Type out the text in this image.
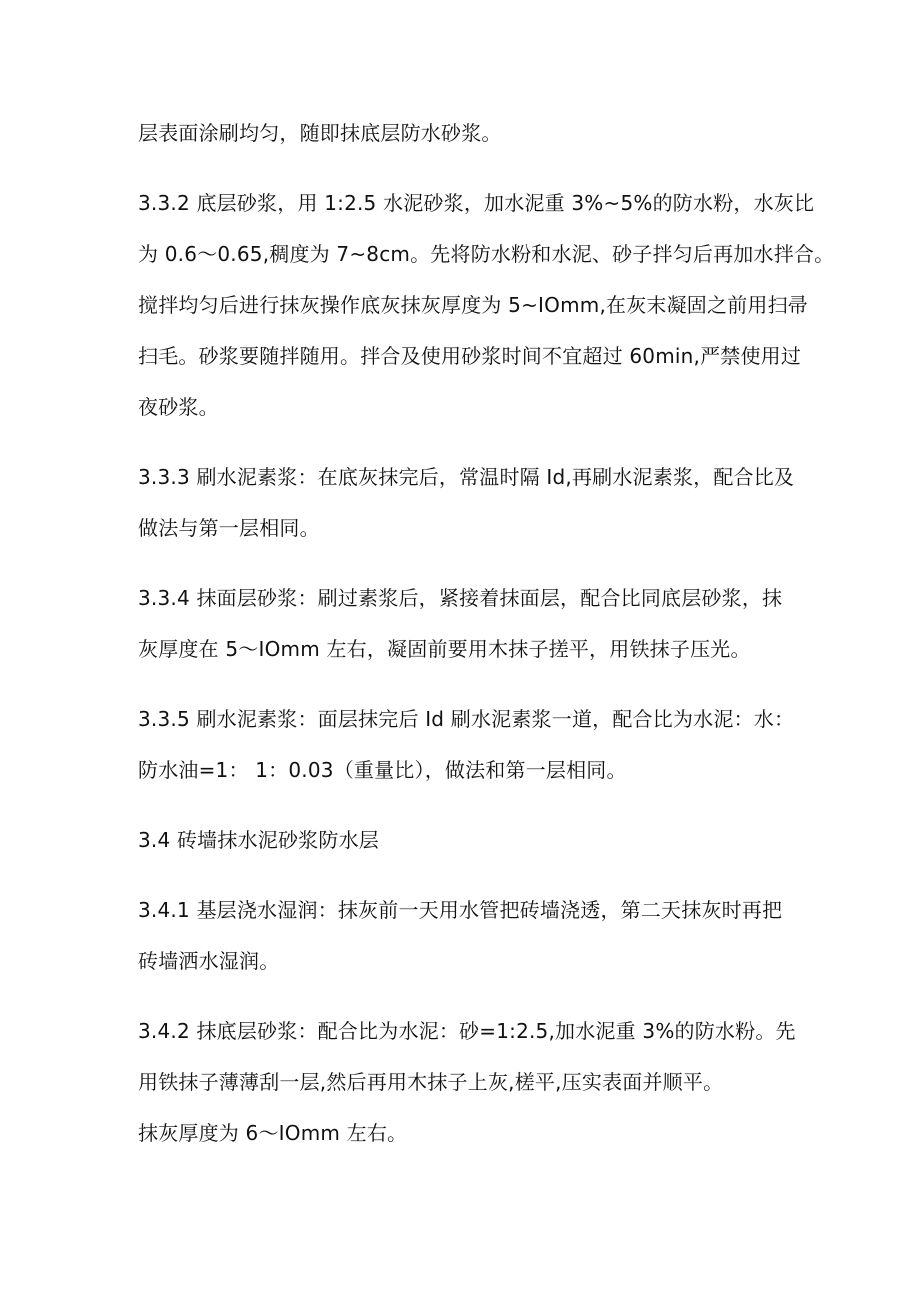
层表面涂刷均匀，随即抹底层防水砂浆。

3.3.2 底层砂浆，用 1:2.5 水泥砂浆，加水泥重 3%~5%的防水粉，水灰比
为 0.6～0.65,稠度为 7~8cm。先将防水粉和水泥、砂子拌匀后再加水拌合。
搅拌均匀后进行抹灰操作底灰抹灰厚度为 5~IOmm,在灰末凝固之前用扫帚
扫毛。砂浆要随拌随用。拌合及使用砂浆时间不宜超过 60min,严禁使用过
夜砂浆。

3.3.3 刷水泥素浆：在底灰抹完后，常温时隔 Id,再刷水泥素浆，配合比及
做法与第一层相同。

3.3.4 抹面层砂浆：刷过素浆后，紧接着抹面层，配合比同底层砂浆，抹
灰厚度在 5～IOmm 左右，凝固前要用木抹子搓平，用铁抹子压光。

3.3.5 刷水泥素浆：面层抹完后 Id 刷水泥素浆一道，配合比为水泥：水：
防水油=1： 1：0.03（重量比），做法和第一层相同。

3.4 砖墙抹水泥砂浆防水层

3.4.1 基层浇水湿润：抹灰前一天用水管把砖墙浇透，第二天抹灰时再把
砖墙洒水湿润。

3.4.2 抹底层砂浆：配合比为水泥：砂=1:2.5,加水泥重 3%的防水粉。先
用铁抹子薄薄刮一层,然后再用木抹子上灰,槎平,压实表面并顺平。

抹灰厚度为 6～IOmm 左右。
